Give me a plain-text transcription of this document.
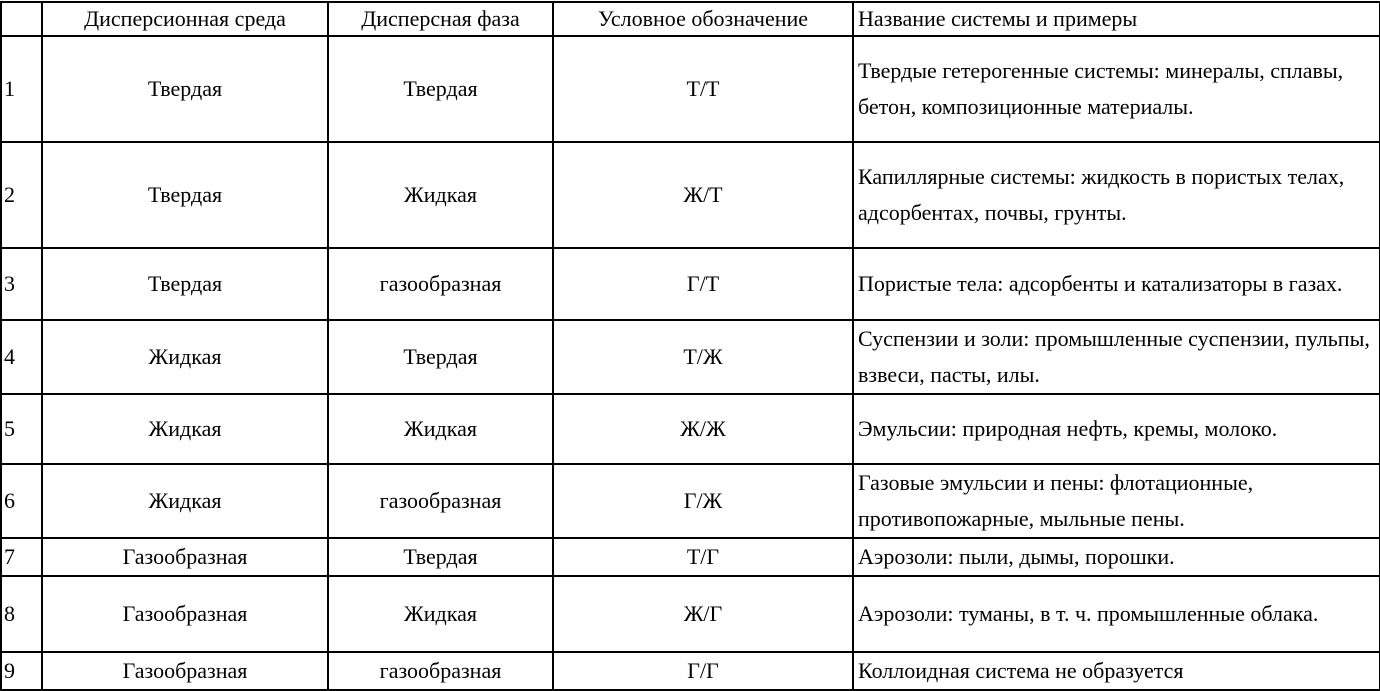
	Дисперсионная среда	Дисперсная фаза	Условное обозначение	Название системы и примеры
1	Твердая	Твердая	Т/Т	Твердые гетерогенные системы: минералы, сплавы, бетон, композиционные материалы.
2	Твердая	Жидкая	Ж/Т	Капиллярные системы: жидкость в пористых телах, адсорбентах, почвы, грунты.
3	Твердая	газообразная	Г/Т	Пористые тела: адсорбенты и катализаторы в газах.
4	Жидкая	Твердая	Т/Ж	Суспензии и золи: промышленные суспензии, пульпы, взвеси, пасты, илы.
5	Жидкая	Жидкая	Ж/Ж	Эмульсии: природная нефть, кремы, молоко.
6	Жидкая	газообразная	Г/Ж	Газовые эмульсии и пены: флотационные, противопожарные, мыльные пены.
7	Газообразная	Твердая	Т/Г	Аэрозоли: пыли, дымы, порошки.
8	Газообразная	Жидкая	Ж/Г	Аэрозоли: туманы, в т. ч. промышленные облака.
9	Газообразная	газообразная	Г/Г	Коллоидная система не образуется
